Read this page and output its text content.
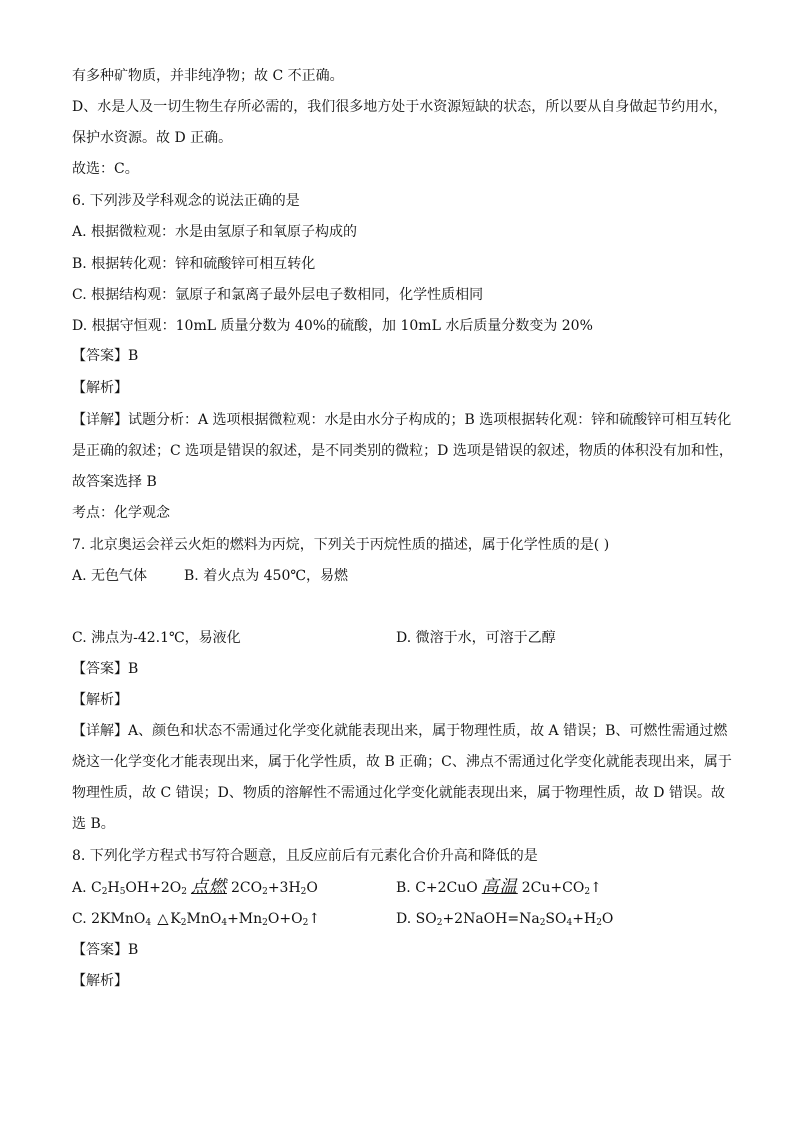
有多种矿物质，并非纯净物；故 C 不正确。
D、水是人及一切生物生存所必需的，我们很多地方处于水资源短缺的状态，所以要从自身做起节约用水，
保护水资源。故 D 正确。
故选：C。
6. 下列涉及学科观念的说法正确的是
A. 根据微粒观：水是由氢原子和氧原子构成的
B. 根据转化观：锌和硫酸锌可相互转化
C. 根据结构观：氩原子和氯离子最外层电子数相同，化学性质相同
D. 根据守恒观：10mL 质量分数为 40%的硫酸，加 10mL 水后质量分数变为 20%
【答案】B
【解析】
【详解】试题分析：A 选项根据微粒观：水是由水分子构成的；B 选项根据转化观：锌和硫酸锌可相互转化
是正确的叙述；C 选项是错误的叙述，是不同类别的微粒；D 选项是错误的叙述，物质的体积没有加和性，
故答案选择 B
考点：化学观念
7. 北京奥运会祥云火炬的燃料为丙烷，下列关于丙烷性质的描述，属于化学性质的是( )
A. 无色气体	B. 着火点为 450℃，易燃
C. 沸点为-42.1℃，易液化	D. 微溶于水，可溶于乙醇
【答案】B
【解析】
【详解】A、颜色和状态不需通过化学变化就能表现出来，属于物理性质，故 A 错误；B、可燃性需通过燃
烧这一化学变化才能表现出来，属于化学性质，故 B 正确；C、沸点不需通过化学变化就能表现出来，属于
物理性质，故 C 错误；D、物质的溶解性不需通过化学变化就能表现出来，属于物理性质，故 D 错误。故
选 B。
8. 下列化学方程式书写符合题意，且反应前后有元素化合价升高和降低的是
A. $C_2H_5OH+2O_2$ 点燃 $2CO_2+3H_2O$	B. C+2CuO 高温 $2Cu+CO_2↑$
C. 2KMnO$_4$ △ $K_2MnO_4+Mn_2O+O_2↑$	D. $SO_2+2NaOH=Na_2SO_4+H_2O$
【答案】B
【解析】
